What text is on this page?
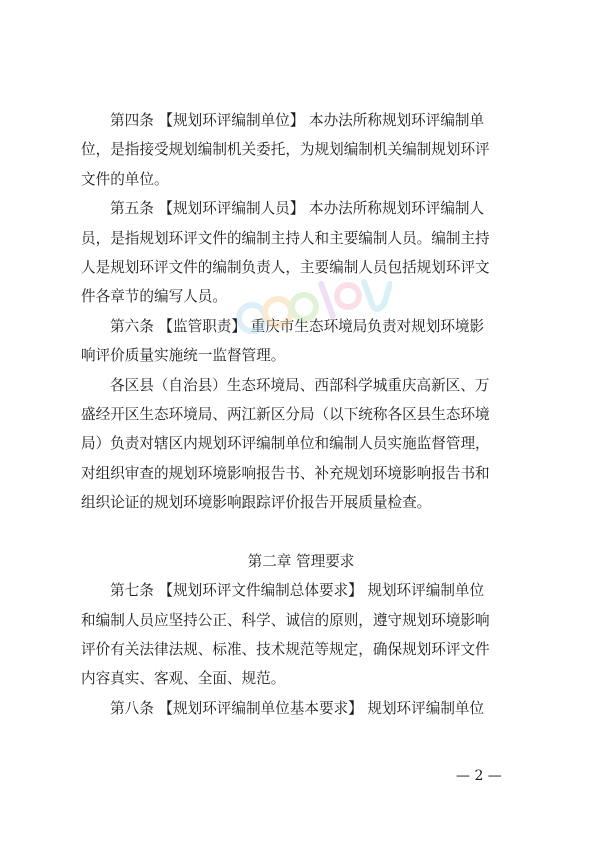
第四条 【规划环评编制单位】 本办法所称规划环评编制单
位，是指接受规划编制机关委托，为规划编制机关编制规划环评
文件的单位。
第五条 【规划环评编制人员】 本办法所称规划环评编制人
员，是指规划环评文件的编制主持人和主要编制人员。编制主持
人是规划环评文件的编制负责人，主要编制人员包括规划环评文
件各章节的编写人员。
第六条 【监管职责】 重庆市生态环境局负责对规划环境影
响评价质量实施统一监督管理。
各区县（自治县）生态环境局、西部科学城重庆高新区、万
盛经开区生态环境局、两江新区分局（以下统称各区县生态环境
局）负责对辖区内规划环评编制单位和编制人员实施监督管理，
对组织审查的规划环境影响报告书、补充规划环境影响报告书和
组织论证的规划环境影响跟踪评价报告开展质量检查。
第二章 管理要求
第七条 【规划环评文件编制总体要求】 规划环评编制单位
和编制人员应坚持公正、科学、诚信的原则，遵守规划环境影响
评价有关法律法规、标准、技术规范等规定，确保规划环评文件
内容真实、客观、全面、规范。
第八条 【规划环评编制单位基本要求】 规划环评编制单位
— 2 —
